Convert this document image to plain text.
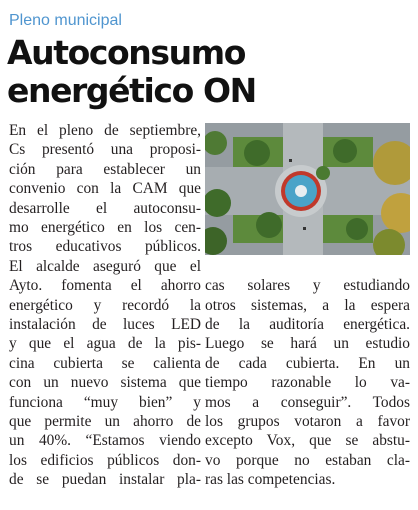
Pleno municipal
Autoconsumo
energético ON
En el pleno de septiembre,
Cs presentó una proposi-
ción para establecer un
convenio con la CAM que
desarrolle el autoconsu-
mo energético en los cen-
tros educativos públicos.
El alcalde aseguró que el
Ayto. fomenta el ahorro
energético y recordó la
instalación de luces LED
y que el agua de la pis-
cina cubierta se calienta
con un nuevo sistema que
funciona “muy bien” y
que permite un ahorro de
un 40%. “Estamos viendo
los edificios públicos don-
de se puedan instalar pla-
cas solares y estudiando
otros sistemas, a la espera
de la auditoría energética.
Luego se hará un estudio
de cada cubierta. En un
tiempo razonable lo va-
mos a conseguir”. Todos
los grupos votaron a favor
excepto Vox, que se abstu-
vo porque no estaban cla-
ras las competencias.
